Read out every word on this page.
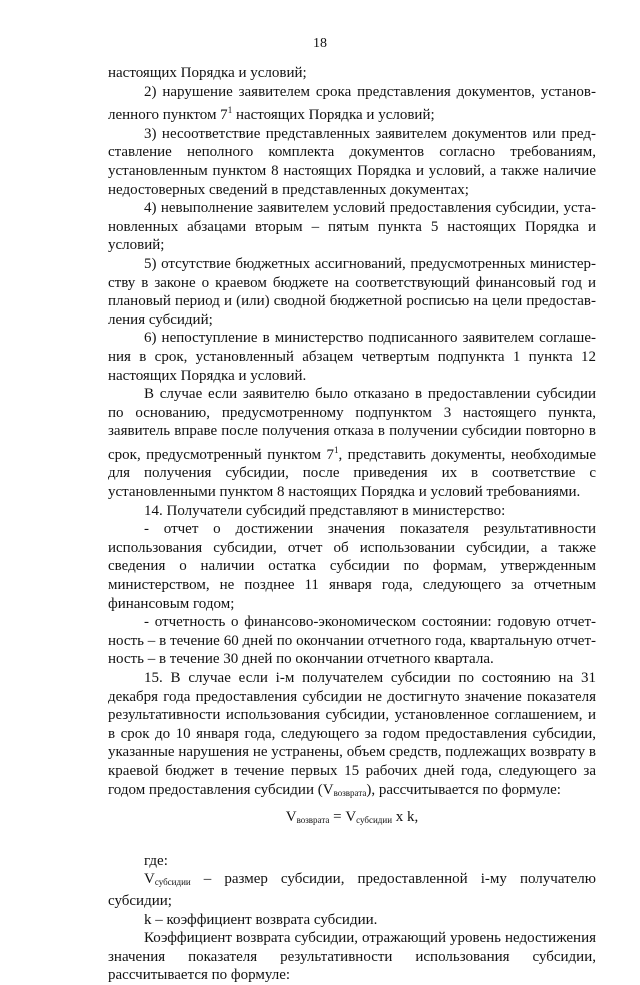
18

настоящих Порядка и условий;

2) нарушение заявителем срока представления документов, установленного пунктом $7^1$ настоящих Порядка и условий;

3) несоответствие представленных заявителем документов или представление неполного комплекта документов согласно требованиям, установленным пунктом 8 настоящих Порядка и условий, а также наличие недостоверных сведений в представленных документах;

4) невыполнение заявителем условий предоставления субсидии, установленных абзацами вторым – пятым пункта 5 настоящих Порядка и условий;

5) отсутствие бюджетных ассигнований, предусмотренных министерству в законе о краевом бюджете на соответствующий финансовый год и плановый период и (или) сводной бюджетной росписью на цели предоставления субсидий;

6) непоступление в министерство подписанного заявителем соглашения в срок, установленный абзацем четвертым подпункта 1 пункта 12 настоящих Порядка и условий.

В случае если заявителю было отказано в предоставлении субсидии по основанию, предусмотренному подпунктом 3 настоящего пункта, заявитель вправе после получения отказа в получении субсидии повторно в срок, предусмотренный пунктом $7^1$, представить документы, необходимые для получения субсидии, после приведения их в соответствие с установленными пунктом 8 настоящих Порядка и условий требованиями.

14. Получатели субсидий представляют в министерство:

- отчет о достижении значения показателя результативности использования субсидии, отчет об использовании субсидии, а также сведения о наличии остатка субсидии по формам, утвержденным министерством, не позднее 11 января года, следующего за отчетным финансовым годом;

- отчетность о финансово-экономическом состоянии: годовую отчетность – в течение 60 дней по окончании отчетного года, квартальную отчетность – в течение 30 дней по окончании отчетного квартала.

15. В случае если i-м получателем субсидии по состоянию на 31 декабря года предоставления субсидии не достигнуто значение показателя результативности использования субсидии, установленное соглашением, и в срок до 10 января года, следующего за годом предоставления субсидии, указанные нарушения не устранены, объем средств, подлежащих возврату в краевой бюджет в течение первых 15 рабочих дней года, следующего за годом предоставления субсидии $(V_{возврата})$, рассчитывается по формуле:

$V_{возврата} = V_{субсидии}$ x k,

где:

$V_{субсидии}$ – размер субсидии, предоставленной i-му получателю субсидии;

k – коэффициент возврата субсидии.

Коэффициент возврата субсидии, отражающий уровень недостижения значения показателя результативности использования субсидии, рассчитывается по формуле:
